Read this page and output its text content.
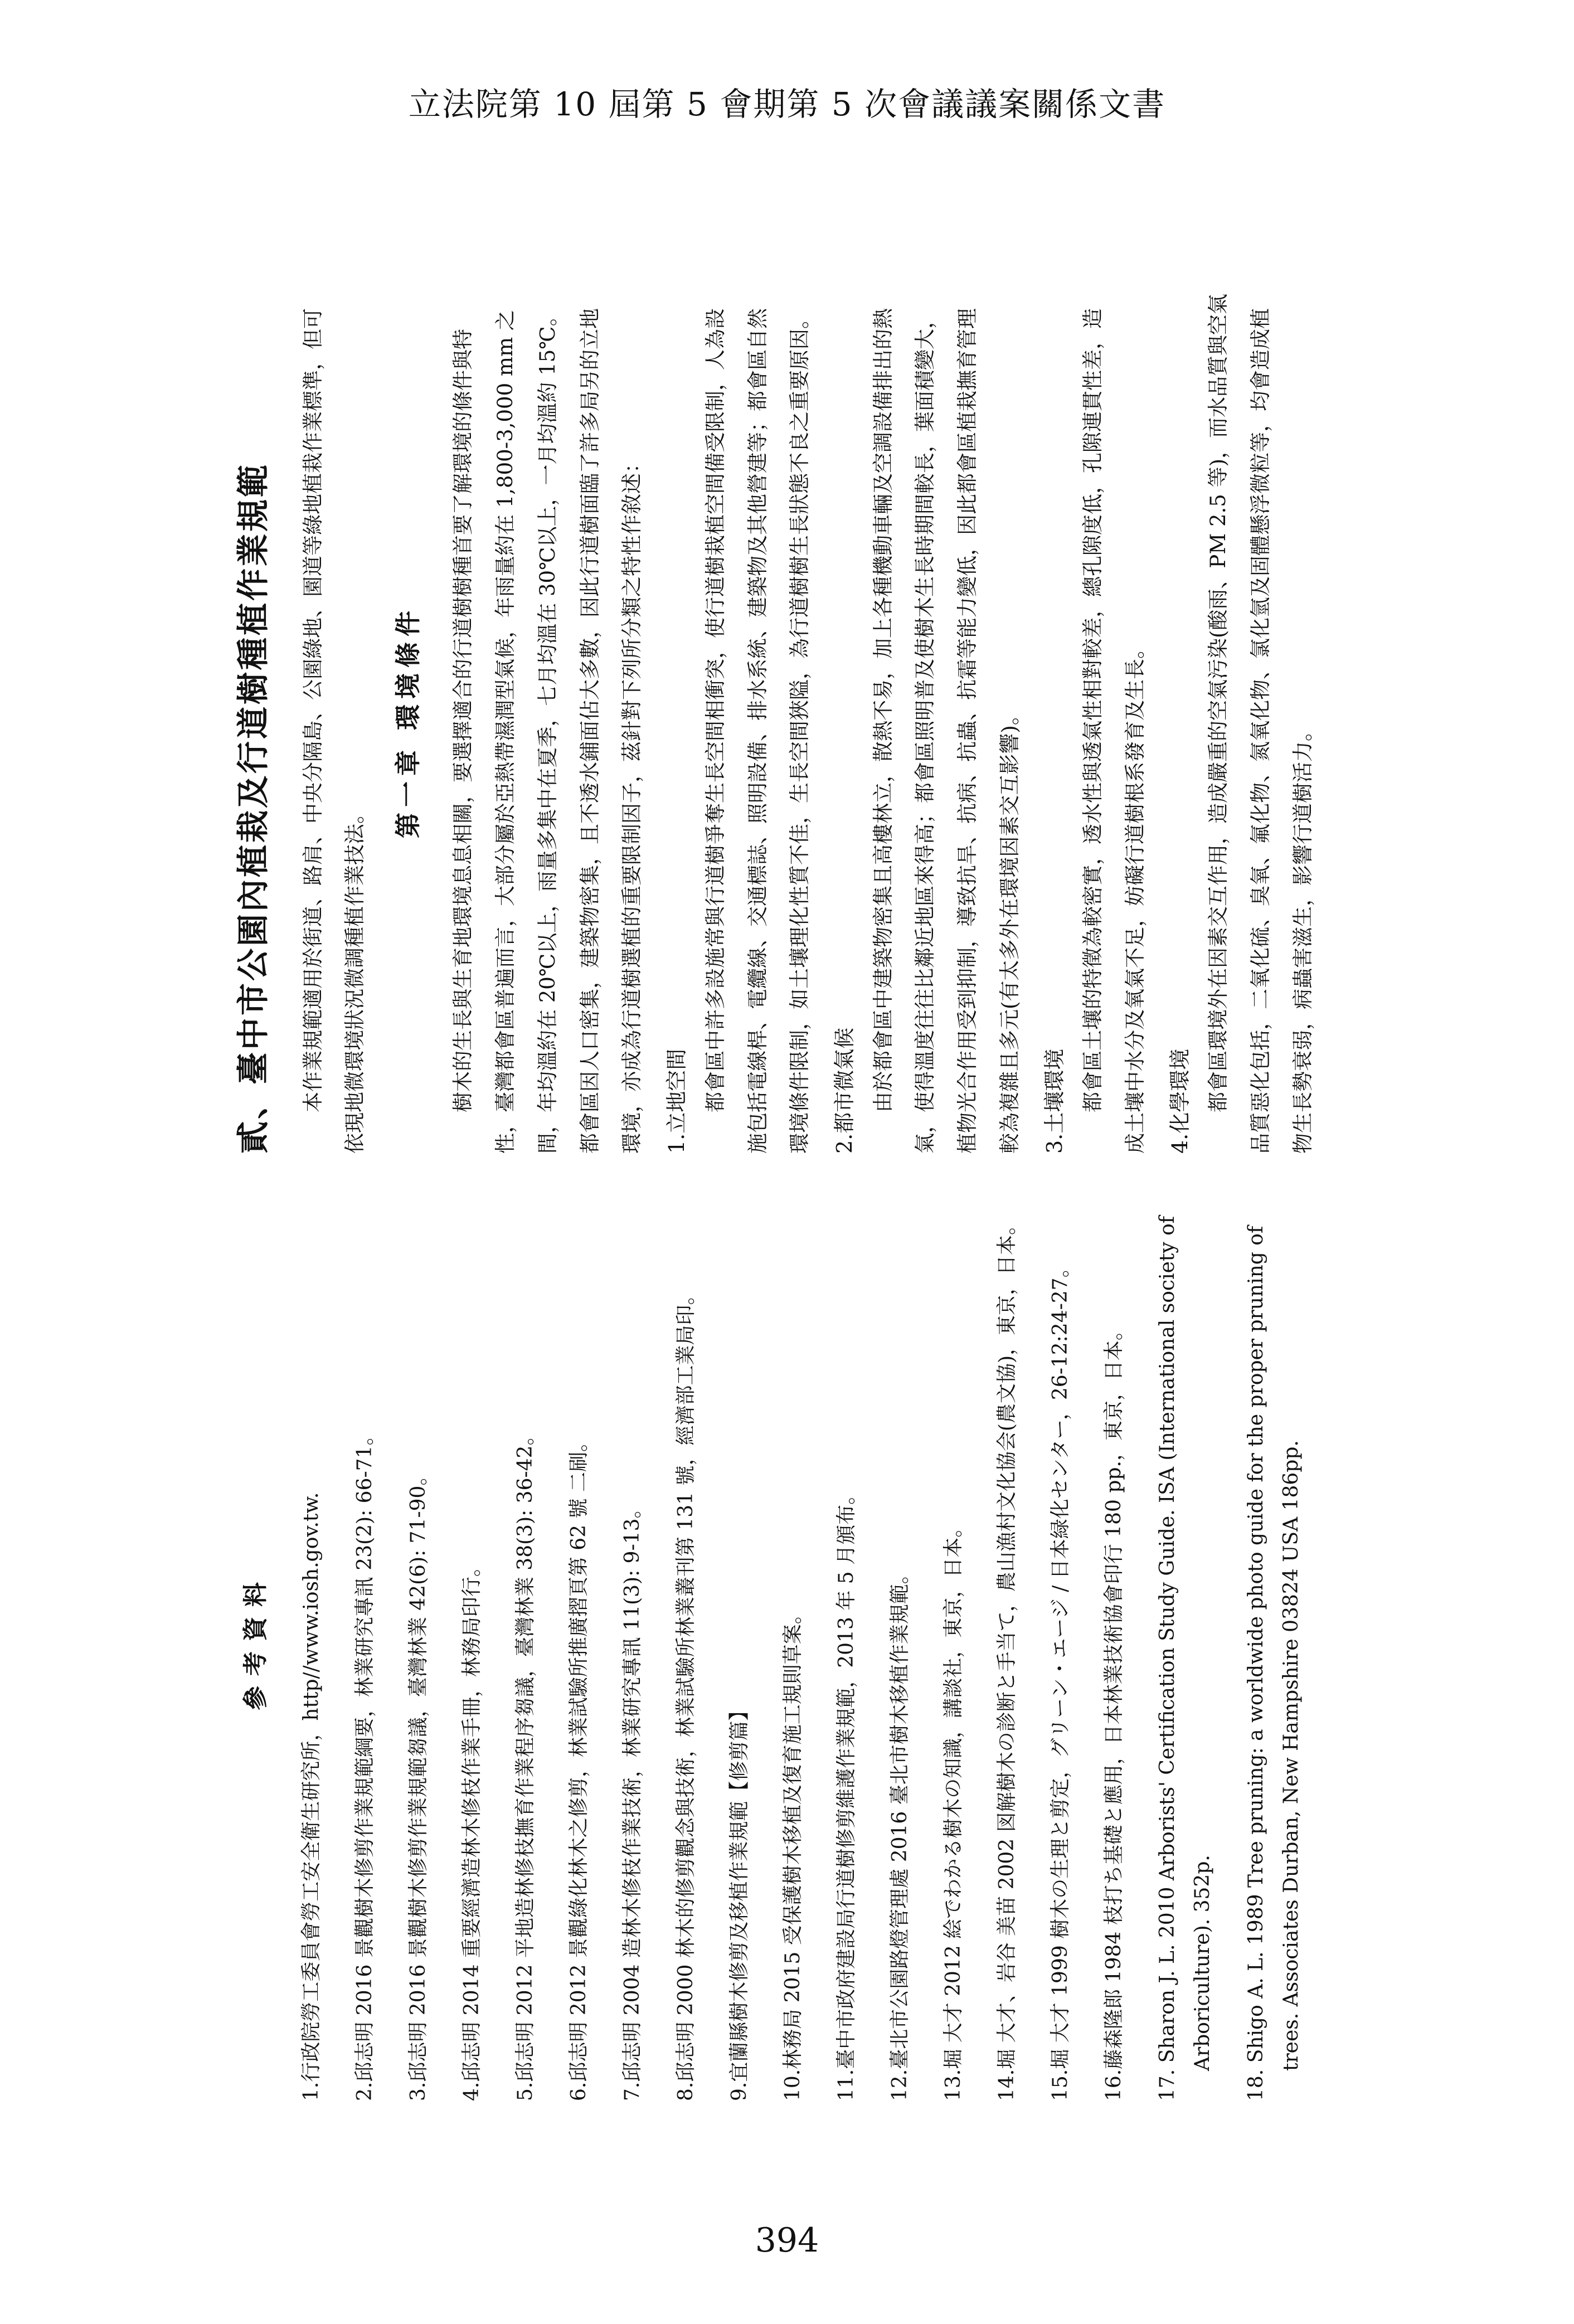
立法院第 10 屆第 5 會期第 5 次會議議案關係文書
參考資料	1.行政院勞工委員會勞工安全衛生研究所，http//www.iosh.gov.tw.	2.邱志明 2016 景觀樹木修剪作業規範綱要，林業研究專訊 23(2): 66-71。	3.邱志明 2016 景觀樹木修剪作業規範芻議，臺灣林業 42(6): 71-90。	4.邱志明 2014 重要經濟造林木修枝作業手冊，林務局印行。	5.邱志明 2012 平地造林修枝撫育作業程序芻議，臺灣林業 38(3): 36-42。	6.邱志明 2012 景觀綠化林木之修剪，林業試驗所推廣摺頁第 62 號 二刷。	7.邱志明 2004 造林木修枝作業技術，林業研究專訊 11(3): 9-13。	8.邱志明 2000 林木的修剪觀念與技術，林業試驗所林業叢刊第 131 號，經濟部工業局印。	9.宜蘭縣樹木修剪及移植作業規範【修剪篇】	10.林務局 2015 受保護樹木移植及復育施工規則草案。	11.臺中市政府建設局行道樹修剪維護作業規範，2013 年 5 月頒布。	12.臺北市公園路燈管理處 2016 臺北市樹木移植作業規範。	13.堀 大才 2012 絵でわかる樹木の知識，講談社，東京，日本。	14.堀 大才、岩谷 美苗 2002 図解樹木の診断と手当て，農山漁村文化協会(農文協)，東京，日本。	15.堀 大才 1999 樹木の生理と剪定，グリーン・エージ / 日本緑化センター，26-12:24-27。	16.藤森隆郎 1984 枝打ち基礎と應用，日本林業技術協會印行 180 pp.，東京，日本。	17. Sharon J. L. 2010 Arborists' Certification Study Guide. ISA (International society of Arboriculture). 352p.	18. Shigo A. L. 1989 Tree pruning: a worldwide photo guide for the proper pruning of trees. Associates Durban, New Hampshire 03824 USA 186pp.
貳、臺中市公園內植栽及行道樹種植作業規範	本作業規範適用於街道、路肩、中央分隔島、公園綠地、園道等綠地植栽作業標準，但可依現地微環境狀況微調種植作業技法。

第一章 環境條件	樹木的生長與生育地環境息息相關，要選擇適合的行道樹樹種首要了解環境的條件與特性，臺灣都會區普遍而言，大部分屬於亞熱帶濕潤型氣候，年雨量約在 1,800-3,000 mm 之間，年均溫約在 20℃以上，雨量多集中在夏季，七月均溫在 30℃以上，一月均溫約 15℃。都會區因人口密集，建築物密集，且不透水鋪面佔大多數，因此行道樹面臨了許多局另的立地環境，亦成為行道樹選植的重要限制因子，茲針對下列所分類之特性作敘述： 1.立地空間 都會區中許多設施常與行道樹爭奪生長空間相衝突，使行道樹栽植空間備受限制，人為設施包括電線桿、電纜線、交通標誌、照明設備、排水系統、建築物及其他營建等；都會區自然環境條件限制，如土壤理化性質不佳，生長空間狹隘，為行道樹樹生長狀態不良之重要原因。 2.都市微氣候 由於都會區中建築物密集且高樓林立，散熱不易，加上各種機動車輛及空調設備排出的熱氣，使得溫度往往比鄰近地區來得高；都會區照明普及使樹木生長時期間較長，葉面積變大，植物光合作用受到抑制，導致抗旱、抗病、抗蟲、抗霜等能力變低，因此都會區植栽撫育管理較為複雜且多元(有太多外在環境因素交互影響)。 3.土壤環境 都會區土壤的特徵為較密實，透水性與透氣性相對較差，總孔隙度低，孔隙連貫性差，造成土壤中水分及氧氣不足，妨礙行道樹根系發育及生長。 4.化學環境 都會區環境外在因素交互作用，造成嚴重的空氣污染(酸雨、PM 2.5 等)，而水品質與空氣品質惡化包括，二氧化硫、臭氧、氟化物、氮氧化物、氯化氫及固體懸浮微粒等，均會造成植物生長勢衰弱，病蟲害滋生，影響行道樹活力。

394
